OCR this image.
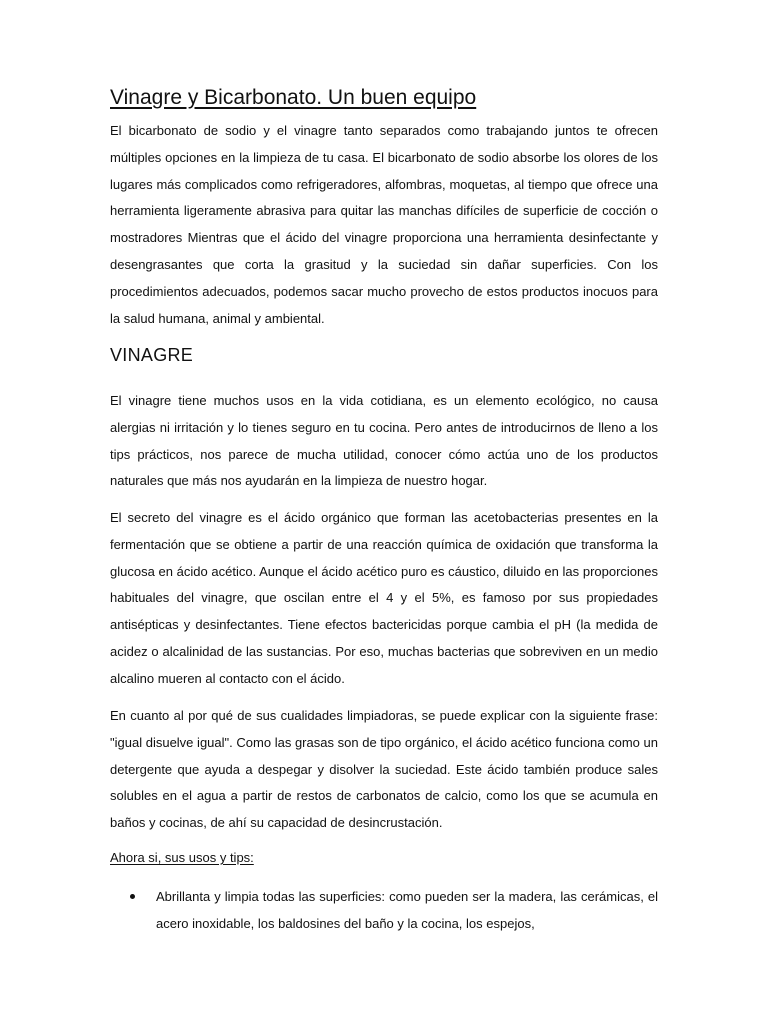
Vinagre y Bicarbonato. Un buen equipo

El bicarbonato de sodio y el vinagre tanto separados como trabajando juntos te ofrecen múltiples opciones en la limpieza de tu casa. El bicarbonato de sodio absorbe los olores de los lugares más complicados como refrigeradores, alfombras, moquetas, al tiempo que ofrece una herramienta ligeramente abrasiva para quitar las manchas difíciles de superficie de cocción o mostradores Mientras que el ácido del vinagre proporciona una herramienta desinfectante y desengrasantes que corta la grasitud y la suciedad sin dañar superficies. Con los procedimientos adecuados, podemos sacar mucho provecho de estos productos inocuos para la salud humana, animal y ambiental.

VINAGRE

El vinagre tiene muchos usos en la vida cotidiana, es un elemento ecológico, no causa alergias ni irritación y lo tienes seguro en tu cocina. Pero antes de introducirnos de lleno a los tips prácticos, nos parece de mucha utilidad, conocer cómo actúa uno de los productos naturales que más nos ayudarán en la limpieza de nuestro hogar.

El secreto del vinagre es el ácido orgánico que forman las acetobacterias presentes en la fermentación que se obtiene a partir de una reacción química de oxidación que transforma la glucosa en ácido acético. Aunque el ácido acético puro es cáustico, diluido en las proporciones habituales del vinagre, que oscilan entre el 4 y el 5%, es famoso por sus propiedades antisépticas y desinfectantes. Tiene efectos bactericidas porque cambia el pH (la medida de acidez o alcalinidad de las sustancias. Por eso, muchas bacterias que sobreviven en un medio alcalino mueren al contacto con el ácido.

En cuanto al por qué de sus cualidades limpiadoras, se puede explicar con la siguiente frase: "igual disuelve igual". Como las grasas son de tipo orgánico, el ácido acético funciona como un detergente que ayuda a despegar y disolver la suciedad. Este ácido también produce sales solubles en el agua a partir de restos de carbonatos de calcio, como los que se acumula en baños y cocinas, de ahí su capacidad de desincrustación.

Ahora si, sus usos y tips:
Abrillanta y limpia todas las superficies: como pueden ser la madera, las cerámicas, el acero inoxidable, los baldosines del baño y la cocina, los espejos,
